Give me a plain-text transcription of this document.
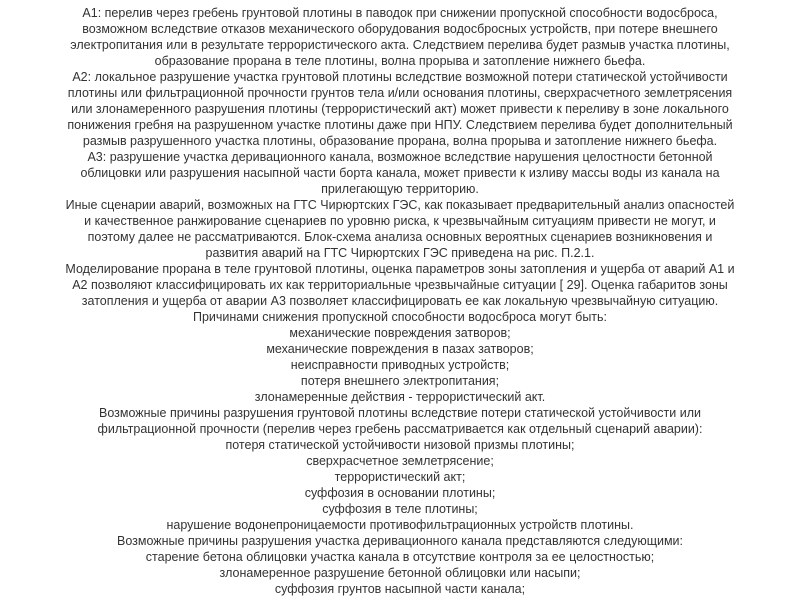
А1: перелив через гребень грунтовой плотины в паводок при снижении пропускной способности водосброса,
возможном вследствие отказов механического оборудования водосбросных устройств, при потере внешнего
электропитания или в результате террористического акта. Следствием перелива будет размыв участка плотины,
образование прорана в теле плотины, волна прорыва и затопление нижнего бьефа.
А2: локальное разрушение участка грунтовой плотины вследствие возможной потери статической устойчивости
плотины или фильтрационной прочности грунтов тела и/или основания плотины, сверхрасчетного землетрясения
или злонамеренного разрушения плотины (террористический акт) может привести к переливу в зоне локального
понижения гребня на разрушенном участке плотины даже при НПУ. Следствием перелива будет дополнительный
размыв разрушенного участка плотины, образование прорана, волна прорыва и затопление нижнего бьефа.
А3: разрушение участка деривационного канала, возможное вследствие нарушения целостности бетонной
облицовки или разрушения насыпной части борта канала, может привести к изливу массы воды из канала на
прилегающую территорию.
Иные сценарии аварий, возможных на ГТС Чирюртских ГЭС, как показывает предварительный анализ опасностей
и качественное ранжирование сценариев по уровню риска, к чрезвычайным ситуациям привести не могут, и
поэтому далее не рассматриваются. Блок-схема анализа основных вероятных сценариев возникновения и
развития аварий на ГТС Чирюртских ГЭС приведена на рис. П.2.1.
Моделирование прорана в теле грунтовой плотины, оценка параметров зоны затопления и ущерба от аварий А1 и
А2 позволяют классифицировать их как территориальные чрезвычайные ситуации [ 29]. Оценка габаритов зоны
затопления и ущерба от аварии А3 позволяет классифицировать ее как локальную чрезвычайную ситуацию.
Причинами снижения пропускной способности водосброса могут быть:
механические повреждения затворов;
механические повреждения в пазах затворов;
неисправности приводных устройств;
потеря внешнего электропитания;
злонамеренные действия - террористический акт.
Возможные причины разрушения грунтовой плотины вследствие потери статической устойчивости или
фильтрационной прочности (перелив через гребень рассматривается как отдельный сценарий аварии):
потеря статической устойчивости низовой призмы плотины;
сверхрасчетное землетрясение;
террористический акт;
суффозия в основании плотины;
суффозия в теле плотины;
нарушение водонепроницаемости противофильтрационных устройств плотины.
Возможные причины разрушения участка деривационного канала представляются следующими:
старение бетона облицовки участка канала в отсутствие контроля за ее целостностью;
злонамеренное разрушение бетонной облицовки или насыпи;
суффозия грунтов насыпной части канала;
